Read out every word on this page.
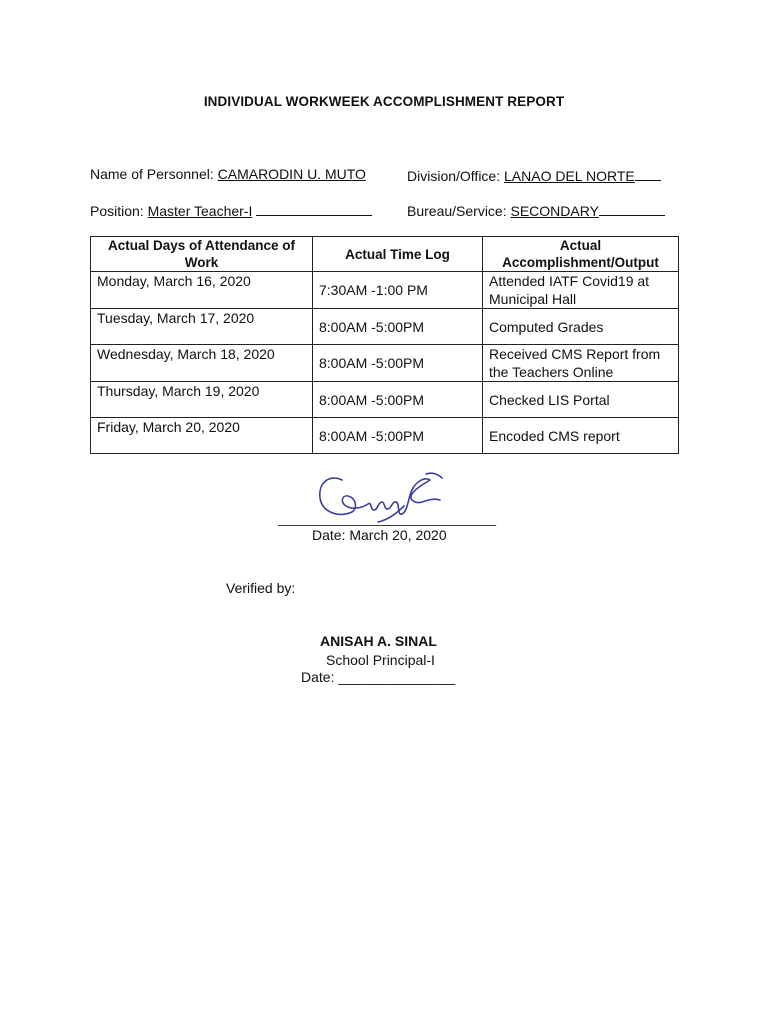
INDIVIDUAL WORKWEEK ACCOMPLISHMENT REPORT
Name of Personnel: CAMARODIN U. MUTO	Division/Office: LANAO DEL NORTE
Position: Master Teacher-I	Bureau/Service: SECONDARY
Actual Days of Attendance of Work	Actual Time Log	Actual Accomplishment/Output
Monday, March 16, 2020	7:30AM -1:00 PM	Attended IATF Covid19 at Municipal Hall
Tuesday, March 17, 2020	8:00AM -5:00PM	Computed Grades
Wednesday, March 18, 2020	8:00AM -5:00PM	Received CMS Report from the Teachers Online
Thursday, March 19, 2020	8:00AM -5:00PM	Checked LIS Portal
Friday, March 20, 2020	8:00AM -5:00PM	Encoded CMS report
____________________________
Date: March 20, 2020
Verified by:
ANISAH A. SINAL
School Principal-I
Date: _______________
